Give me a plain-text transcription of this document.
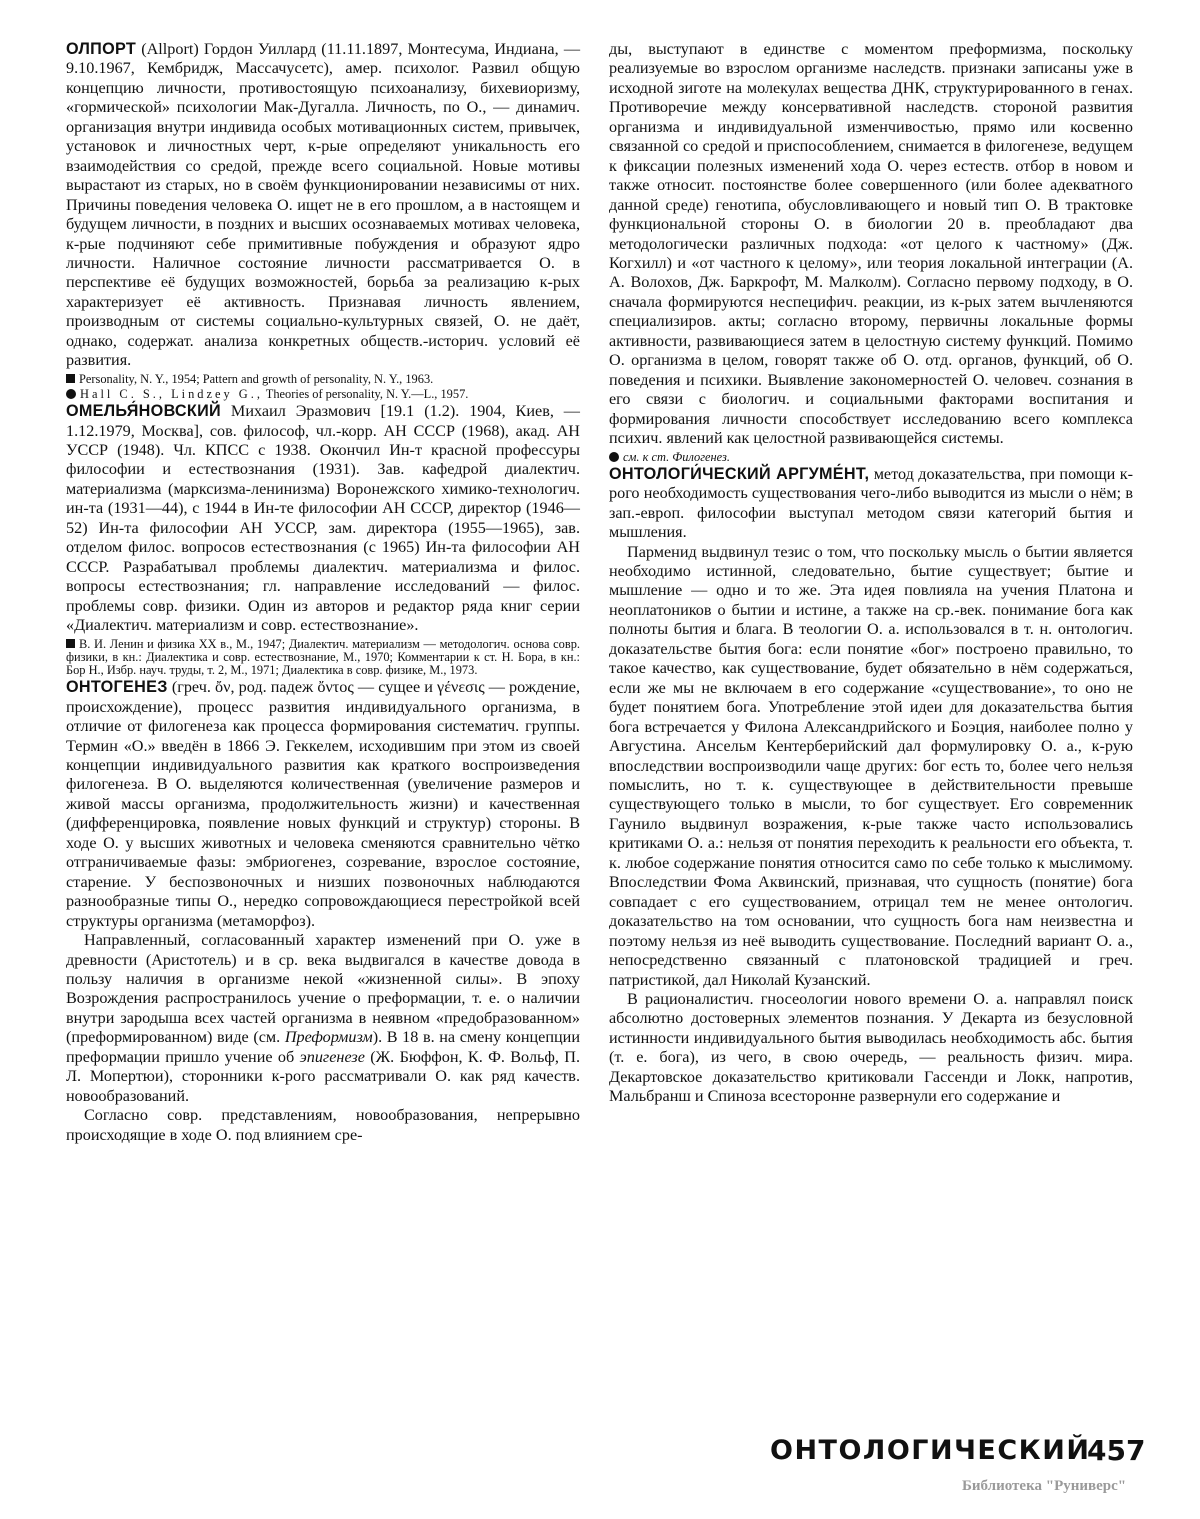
ОЛПОРТ (Allport) Гордон Уиллард (11.11.1897, Монтесума, Индиана, — 9.10.1967, Кембридж, Массачусетс), амер. психолог. Развил общую концепцию личности, противостоящую психоанализу, бихевиоризму, «гормической» психологии Мак-Дугалла. Личность, по О., — динамич. организация внутри индивида особых мотивационных систем, привычек, установок и личностных черт, к-рые определяют уникальность его взаимодействия со средой, прежде всего социальной. Новые мотивы вырастают из старых, но в своём функционировании независимы от них. Причины поведения человека О. ищет не в его прошлом, а в настоящем и будущем личности, в поздних и высших осознаваемых мотивах человека, к-рые подчиняют себе примитивные побуждения и образуют ядро личности. Наличное состояние личности рассматривается О. в перспективе её будущих возможностей, борьба за реализацию к-рых характеризует её активность. Признавая личность явлением, производным от системы социально-культурных связей, О. не даёт, однако, содержат. анализа конкретных обществ.-историч. условий её развития.

Personality, N. Y., 1954; Pattern and growth of personality, N. Y., 1963.

Hall C. S., Lindzey G., Theories of personality, N. Y.—L., 1957.

ОМЕЛЬЯ́НОВСКИЙ Михаил Эразмович [19.1 (1.2). 1904, Киев, — 1.12.1979, Москва], сов. философ, чл.-корр. АН СССР (1968), акад. АН УССР (1948). Чл. КПСС с 1938. Окончил Ин-т красной профессуры философии и естествознания (1931). Зав. кафедрой диалектич. материализма (марксизма-ленинизма) Воронежского химико-технологич. ин-та (1931—44), с 1944 в Ин-те философии АН СССР, директор (1946—52) Ин-та философии АН УССР, зам. директора (1955—1965), зав. отделом филос. вопросов естествознания (с 1965) Ин-та философии АН СССР. Разрабатывал проблемы диалектич. материализма и филос. вопросы естествознания; гл. направление исследований — филос. проблемы совр. физики. Один из авторов и редактор ряда книг серии «Диалектич. материализм и совр. естествознание».

В. И. Ленин и физика XX в., М., 1947; Диалектич. материализм — методологич. основа совр. физики, в кн.: Диалектика и совр. естествознание, М., 1970; Комментарии к ст. Н. Бора, в кн.: Бор Н., Избр. науч. труды, т. 2, М., 1971; Диалектика в совр. физике, М., 1973.

ОНТОГЕНЕЗ (греч. ὄν, род. падеж ὄντος — сущее и γένεσις — рождение, происхождение), процесс развития индивидуального организма, в отличие от филогенеза как процесса формирования систематич. группы. Термин «О.» введён в 1866 Э. Геккелем, исходившим при этом из своей концепции индивидуального развития как краткого воспроизведения филогенеза. В О. выделяются количественная (увеличение размеров и живой массы организма, продолжительность жизни) и качественная (дифференцировка, появление новых функций и структур) стороны. В ходе О. у высших животных и человека сменяются сравнительно чётко отграничиваемые фазы: эмбриогенез, созревание, взрослое состояние, старение. У беспозвоночных и низших позвоночных наблюдаются разнообразные типы О., нередко сопровождающиеся перестройкой всей структуры организма (метаморфоз).

Направленный, согласованный характер изменений при О. уже в древности (Аристотель) и в ср. века выдвигался в качестве довода в пользу наличия в организме некой «жизненной силы». В эпоху Возрождения распространилось учение о преформации, т. е. о наличии внутри зародыша всех частей организма в неявном «предобразованном» (преформированном) виде (см. Преформизм). В 18 в. на смену концепции преформации пришло учение об эпигенезе (Ж. Бюффон, К. Ф. Вольф, П. Л. Мопертюи), сторонники к-рого рассматривали О. как ряд качеств. новообразований.

Согласно совр. представлениям, новообразования, непрерывно происходящие в ходе О. под влиянием сре-

ды, выступают в единстве с моментом преформизма, поскольку реализуемые во взрослом организме наследств. признаки записаны уже в исходной зиготе на молекулах вещества ДНК, структурированного в генах. Противоречие между консервативной наследств. стороной развития организма и индивидуальной изменчивостью, прямо или косвенно связанной со средой и приспособлением, снимается в филогенезе, ведущем к фиксации полезных изменений хода О. через естеств. отбор в новом и также относит. постоянстве более совершенного (или более адекватного данной среде) генотипа, обусловливающего и новый тип О. В трактовке функциональной стороны О. в биологии 20 в. преобладают два методологически различных подхода: «от целого к частному» (Дж. Когхилл) и «от частного к целому», или теория локальной интеграции (А. А. Волохов, Дж. Баркрофт, М. Малколм). Согласно первому подходу, в О. сначала формируются неспецифич. реакции, из к-рых затем вычленяются специализиров. акты; согласно второму, первичны локальные формы активности, развивающиеся затем в целостную систему функций. Помимо О. организма в целом, говорят также об О. отд. органов, функций, об О. поведения и психики. Выявление закономерностей О. человеч. сознания в его связи с биологич. и социальными факторами воспитания и формирования личности способствует исследованию всего комплекса психич. явлений как целостной развивающейся системы.

см. к ст. Филогенез.

ОНТОЛОГИ́ЧЕСКИЙ АРГУМЕ́НТ, метод доказательства, при помощи к-рого необходимость существования чего-либо выводится из мысли о нём; в зап.-европ. философии выступал методом связи категорий бытия и мышления.

Парменид выдвинул тезис о том, что поскольку мысль о бытии является необходимо истинной, следовательно, бытие существует; бытие и мышление — одно и то же. Эта идея повлияла на учения Платона и неоплатоников о бытии и истине, а также на ср.-век. понимание бога как полноты бытия и блага. В теологии О. а. использовался в т. н. онтологич. доказательстве бытия бога: если понятие «бог» построено правильно, то такое качество, как существование, будет обязательно в нём содержаться, если же мы не включаем в его содержание «существование», то оно не будет понятием бога. Употребление этой идеи для доказательства бытия бога встречается у Филона Александрийского и Боэция, наиболее полно у Августина. Ансельм Кентерберийский дал формулировку О. а., к-рую впоследствии воспроизводили чаще других: бог есть то, более чего нельзя помыслить, но т. к. существующее в действительности превыше существующего только в мысли, то бог существует. Его современник Гаунило выдвинул возражения, к-рые также часто использовались критиками О. а.: нельзя от понятия переходить к реальности его объекта, т. к. любое содержание понятия относится само по себе только к мыслимому. Впоследствии Фома Аквинский, признавая, что сущность (понятие) бога совпадает с его существованием, отрицал тем не менее онтологич. доказательство на том основании, что сущность бога нам неизвестна и поэтому нельзя из неё выводить существование. Последний вариант О. а., непосредственно связанный с платоновской традицией и греч. патристикой, дал Николай Кузанский.

В рационалистич. гносеологии нового времени О. а. направлял поиск абсолютно достоверных элементов познания. У Декарта из безусловной истинности индивидуального бытия выводилась необходимость абс. бытия (т. е. бога), из чего, в свою очередь, — реальность физич. мира. Декартовское доказательство критиковали Гассенди и Локк, напротив, Мальбранш и Спиноза всесторонне развернули его содержание и

ОНТОЛОГИЧЕСКИЙ
457
Библиотека "Руниверс"
